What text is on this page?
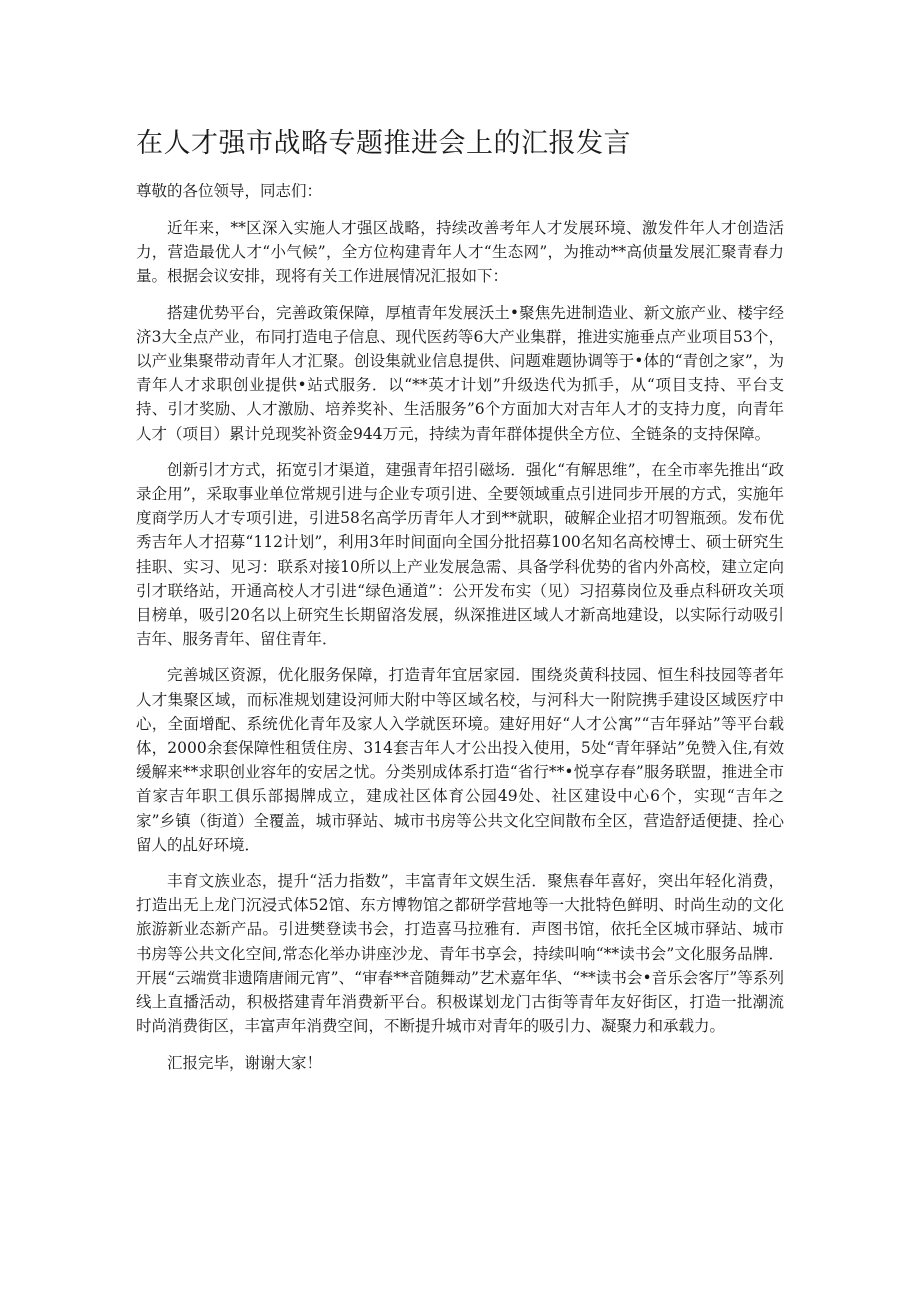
在人才强市战略专题推进会上的汇报发言

尊敬的各位领导，同志们：

近年来，**区深入实施人才强区战略，持续改善考年人才发展环境、激发件年人才创造活力，营造最优人才“小气候”，全方位构建青年人才“生态网”，为推动**高侦量发展汇聚青春力量。根据会议安排，现将有关工作进展情况汇报如下：

搭建优势平台，完善政策保障，厚植青年发展沃土•聚焦先进制造业、新文旅产业、楼宇经济3大全点产业，布同打造电子信息、现代医药等6大产业集群，推进实施垂点产业项目53个，以产业集聚带动青年人才汇聚。创设集就业信息提供、问题难题协调等于•体的“青创之家”，为青年人才求职创业提供•站式服务．以“**英才计划”升级迭代为抓手，从“项目支持、平台支持、引才奖励、人才激励、培养奖补、生活服务”6个方面加大对吉年人才的支持力度，向青年人才（项目）累计兑现奖补资金944万元，持续为青年群体提供全方位、全链条的支持保障。

创新引才方式，拓宽引才渠道，建强青年招引磁场．强化“有解思维”，在全市率先推出“政录企用”，采取事业单位常规引进与企业专项引进、全要领域重点引进同步开展的方式，实施年度商学历人才专项引进，引进58名高学历青年人才到**就职，破解企业招才叨智瓶颈。发布优秀吉年人才招募“112计划”，利用3年时间面向全国分批招募100名知名高校博士、硕士研究生挂职、实习、见习：联系对接10所以上产业发展急需、具备学科优势的省内外高校，建立定向引才联络站，开通高校人才引进“绿色通道”：公开发布实（见）习招募岗位及垂点科研攻关项目榜单，吸引20名以上研究生长期留洛发展，纵深推进区域人才新高地建设，以实际行动吸引吉年、服务青年、留住青年．

完善城区资源，优化服务保障，打造青年宜居家园．围绕炎黄科技园、恒生科技园等者年人才集聚区域，而标准规划建设河师大附中等区域名校，与河科大一附院携手建设区域医疗中心，全面增配、系统优化青年及家人入学就医环境。建好用好“人才公寓”“吉年驿站”等平台载体，2000余套保障性租赁住房、314套吉年人才公出投入使用，5处“青年驿站”免赞入住,有效缓解来**求职创业容年的安居之忧。分类别成体系打造“省行**•悦享存春”服务联盟，推进全市首家吉年职工俱乐部揭牌成立，建成社区体育公园49处、社区建设中心6个，实现“吉年之家”乡镇（街道）全覆盖，城市驿站、城市书房等公共文化空间散布全区，营造舒适便捷、拴心留人的乩好环境．

丰育文族业态，提升“活力指数”，丰富青年文娱生活．聚焦春年喜好，突出年轻化消费，打造出无上龙门沉浸式体52馆、东方博物馆之都研学营地等一大批特色鲜明、时尚生动的文化旅游新业态新产品。引进樊登读书会，打造喜马拉雅有．声图书馆，依托全区城市驿站、城市书房等公共文化空间,常态化举办讲座沙龙、青年书享会，持续叫响“**读书会”文化服务品牌．开展“云端赏非遗隋唐闹元宵”、“审春**音随舞动”艺术嘉年华、“**读书会•音乐会客厅”等系列线上直播活动，积极搭建青年消费新平台。积极谋划龙门古街等青年友好街区，打造一批潮流时尚消费街区，丰富声年消费空间，不断提升城市对青年的吸引力、凝聚力和承载力。

汇报完毕，谢谢大家！
